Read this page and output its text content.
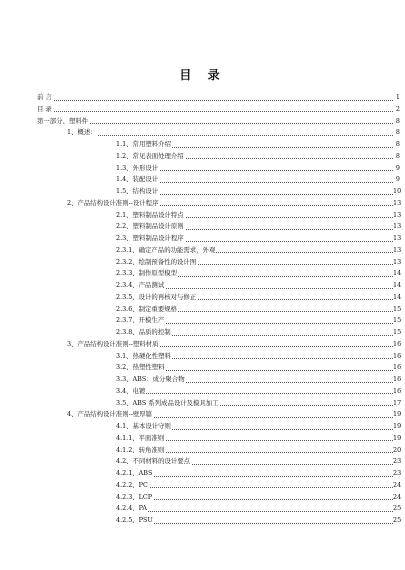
目 录
前 言	1
目 录	2
第一部分、塑料件	8
1、概述：	8
1.1、常用塑料介绍	8
1.2、常见表面处理介绍	8
1.3、外形设计	9
1.4、装配设计	9
1.5、结构设计	10
2、产品结构设计准则--设计程序	13
2.1、塑料制品设计特点	13
2.2、塑料制品设计原则	13
2.3、塑料制品设计程序	13
2.3.1、确定产品的功能需求，外观	13
2.3.2、绘制预备性的设计图	13
2.3.3、制作原型模型	14
2.3.4、产品测试	14
2.3.5、设计的再核对与修正	14
2.3.6、制定重要规格	15
2.3.7、开模生产	15
2.3.8、品质的控制	15
3、产品结构设计准则--塑料材质	16
3.1、热硬化性塑料	16
3.2、热塑性塑料	16
3.3、ABS：成分聚合物	16
3.4、电镀	16
3.5、ABS 系列成品设计及模具加工	17
4、产品结构设计准则--壁厚篇	19
4.1、基本设计守则	19
4.1.1、平面准则	19
4.1.2、转角准则	20
4.2、不同材料的设计要点	23
4.2.1、ABS	23
4.2.2、PC	24
4.2.3、LCP	24
4.2.4、PA	25
4.2.5、PSU	25
